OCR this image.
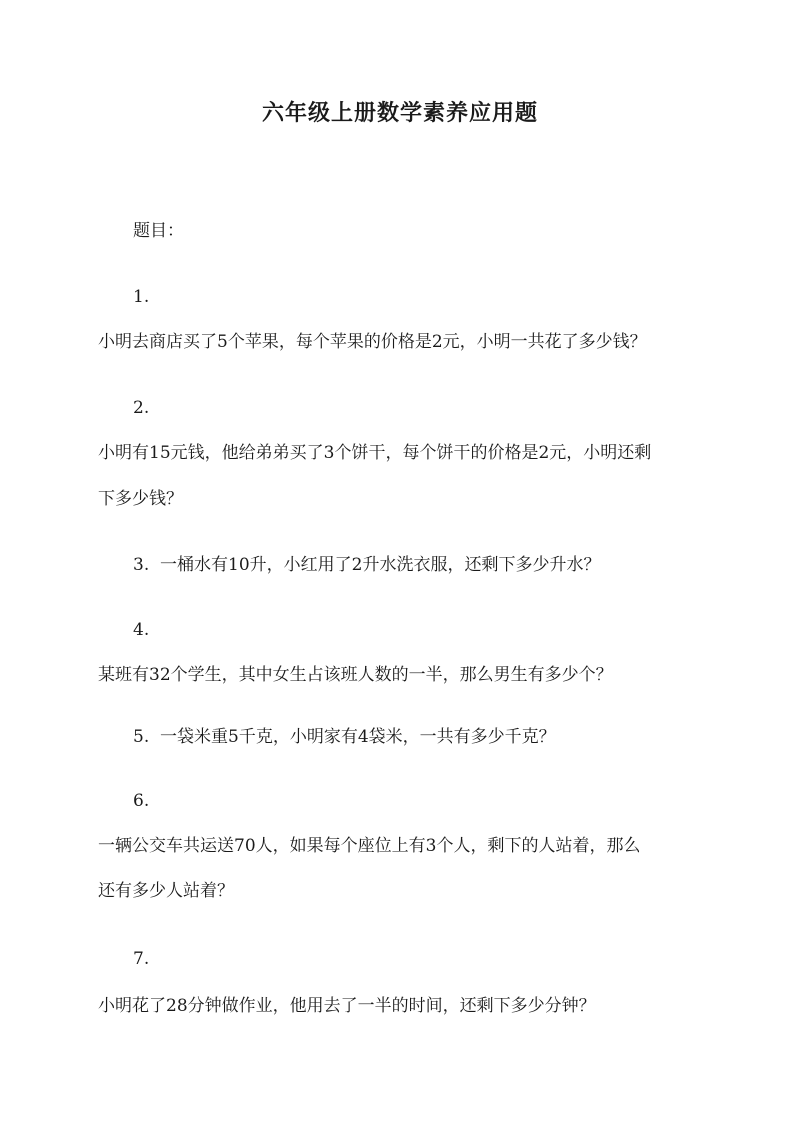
六年级上册数学素养应用题
题目：
1.
小明去商店买了5个苹果，每个苹果的价格是2元，小明一共花了多少钱？
2.
小明有15元钱，他给弟弟买了3个饼干，每个饼干的价格是2元，小明还剩
下多少钱？
3.  一桶水有10升，小红用了2升水洗衣服，还剩下多少升水？
4.
某班有32个学生，其中女生占该班人数的一半，那么男生有多少个？
5.  一袋米重5千克，小明家有4袋米，一共有多少千克？
6.
一辆公交车共运送70人，如果每个座位上有3个人，剩下的人站着，那么
还有多少人站着？
7.
小明花了28分钟做作业，他用去了一半的时间，还剩下多少分钟？
